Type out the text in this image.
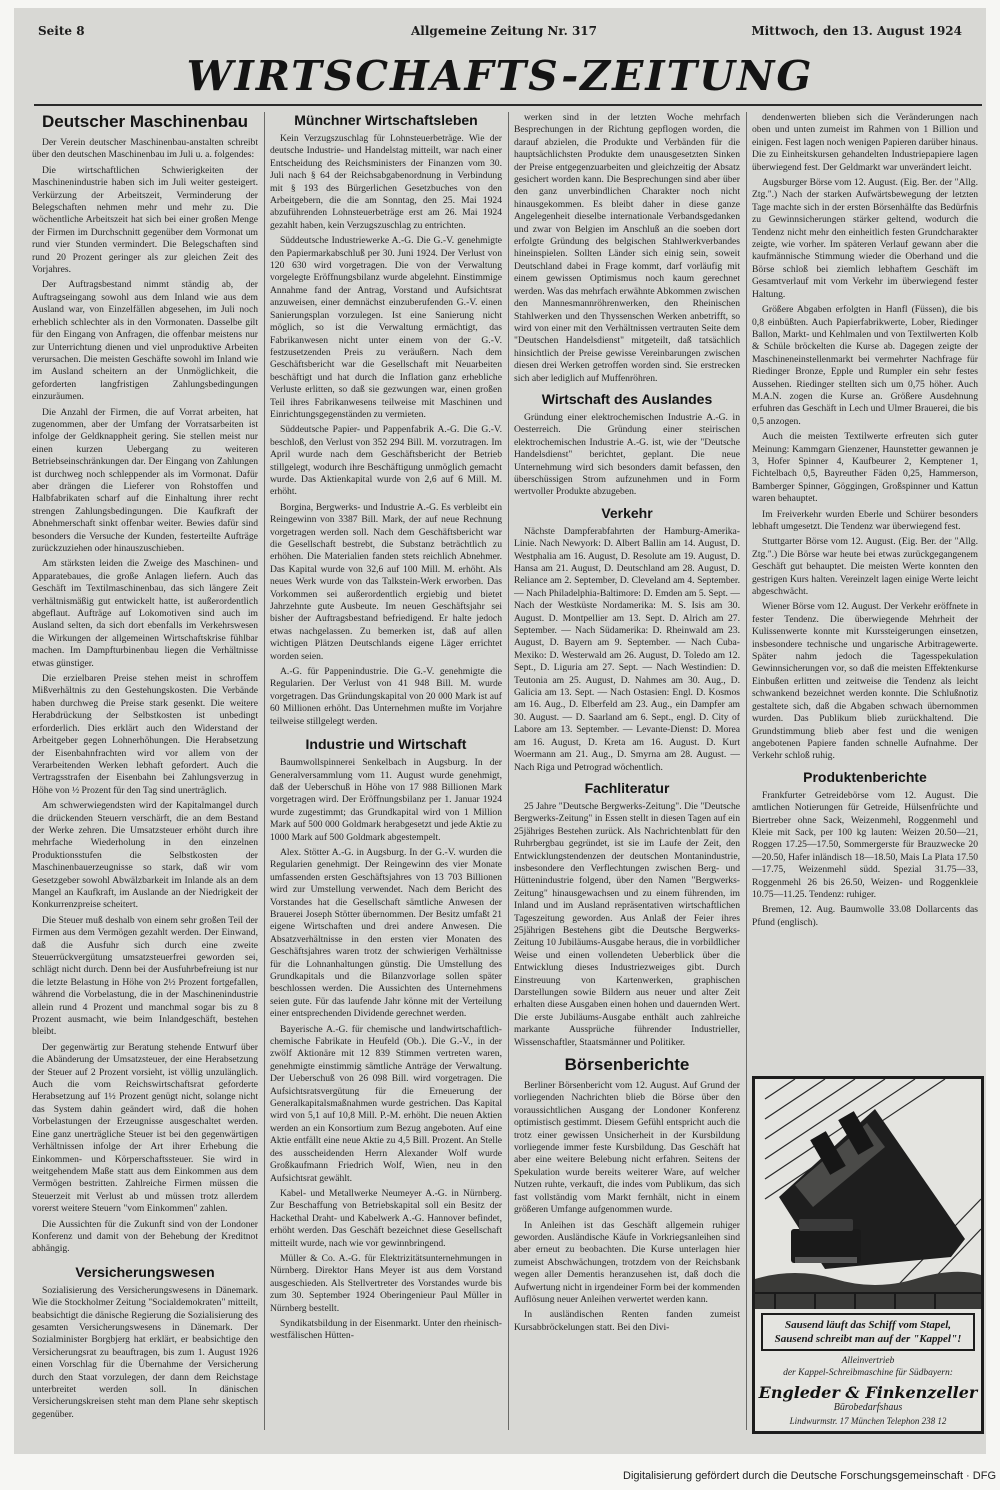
Seite 8	Allgemeine Zeitung Nr. 317	Mittwoch, den 13. August 1924
WIRTSCHAFTS-ZEITUNG
Deutscher Maschinenbau

Der Verein deutscher Maschinenbau-anstalten schreibt über den deutschen Maschinenbau im Juli u. a. folgendes:

Die wirtschaftlichen Schwierigkeiten der Maschinenindustrie haben sich im Juli weiter gesteigert. Verkürzung der Arbeitszeit, Verminderung der Belegschaften nehmen mehr und mehr zu. Die wöchentliche Arbeitszeit hat sich bei einer großen Menge der Firmen im Durchschnitt gegenüber dem Vormonat um rund vier Stunden vermindert. Die Belegschaften sind rund 20 Prozent geringer als zur gleichen Zeit des Vorjahres.

Der Auftragsbestand nimmt ständig ab, der Auftragseingang sowohl aus dem Inland wie aus dem Ausland war, von Einzelfällen abgesehen, im Juli noch erheblich schlechter als in den Vormonaten. Dasselbe gilt für den Eingang von Anfragen, die offenbar meistens nur zur Unterrichtung dienen und viel unproduktive Arbeiten verursachen. Die meisten Geschäfte sowohl im Inland wie im Ausland scheitern an der Unmöglichkeit, die geforderten langfristigen Zahlungsbedingungen einzuräumen.

Die Anzahl der Firmen, die auf Vorrat arbeiten, hat zugenommen, aber der Umfang der Vorratsarbeiten ist infolge der Geldknappheit gering. Sie stellen meist nur einen kurzen Uebergang zu weiteren Betriebseinschränkungen dar. Der Eingang von Zahlungen ist durchweg noch schleppender als im Vormonat. Dafür aber drängen die Lieferer von Rohstoffen und Halbfabrikaten scharf auf die Einhaltung ihrer recht strengen Zahlungsbedingungen. Die Kaufkraft der Abnehmerschaft sinkt offenbar weiter. Bewies dafür sind besonders die Versuche der Kunden, festerteilte Aufträge zurückzuziehen oder hinauszuschieben.

Am stärksten leiden die Zweige des Maschinen- und Apparatebaues, die große Anlagen liefern. Auch das Geschäft im Textilmaschinenbau, das sich längere Zeit verhältnismäßig gut entwickelt hatte, ist außerordentlich abgeflaut. Aufträge auf Lokomotiven sind auch im Ausland selten, da sich dort ebenfalls im Verkehrswesen die Wirkungen der allgemeinen Wirtschaftskrise fühlbar machen. Im Dampfturbinenbau liegen die Verhältnisse etwas günstiger.

Die erzielbaren Preise stehen meist in schroffem Mißverhältnis zu den Gestehungskosten. Die Verbände haben durchweg die Preise stark gesenkt. Die weitere Herabdrückung der Selbstkosten ist unbedingt erforderlich. Dies erklärt auch den Widerstand der Arbeitgeber gegen Lohnerhöhungen. Die Herabsetzung der Eisenbahnfrachten wird vor allem von der Verarbeitenden Werken lebhaft gefordert. Auch die Vertragsstrafen der Eisenbahn bei Zahlungsverzug in Höhe von ½ Prozent für den Tag sind unerträglich.

Am schwerwiegendsten wird der Kapitalmangel durch die drückenden Steuern verschärft, die an dem Bestand der Werke zehren. Die Umsatzsteuer erhöht durch ihre mehrfache Wiederholung in den einzelnen Produktionsstufen die Selbstkosten der Maschinenbauerzeugnisse so stark, daß wir vom Gesetzgeber sowohl Abwälzbarkeit im Inlande als an dem Mangel an Kaufkraft, im Auslande an der Niedrigkeit der Konkurrenzpreise scheitert.

Die Steuer muß deshalb von einem sehr großen Teil der Firmen aus dem Vermögen gezahlt werden. Der Einwand, daß die Ausfuhr sich durch eine zweite Steuerrückvergütung umsatzsteuerfrei geworden sei, schlägt nicht durch. Denn bei der Ausfuhrbefreiung ist nur die letzte Belastung in Höhe von 2½ Prozent fortgefallen, während die Vorbelastung, die in der Maschinenindustrie allein rund 4 Prozent und manchmal sogar bis zu 8 Prozent ausmacht, wie beim Inlandgeschäft, bestehen bleibt.

Der gegenwärtig zur Beratung stehende Entwurf über die Abänderung der Umsatzsteuer, der eine Herabsetzung der Steuer auf 2 Prozent vorsieht, ist völlig unzulänglich. Auch die vom Reichswirtschaftsrat geforderte Herabsetzung auf 1½ Prozent genügt nicht, solange nicht das System dahin geändert wird, daß die hohen Vorbelastungen der Erzeugnisse ausgeschaltet werden. Eine ganz unerträgliche Steuer ist bei den gegenwärtigen Verhältnissen infolge der Art ihrer Erhebung die Einkommen- und Körperschaftssteuer. Sie wird in weitgehendem Maße statt aus dem Einkommen aus dem Vermögen bestritten. Zahlreiche Firmen müssen die Steuerzeit mit Verlust ab und müssen trotz allerdem vorerst weitere Steuern "vom Einkommen" zahlen.

Die Aussichten für die Zukunft sind von der Londoner Konferenz und damit von der Behebung der Kreditnot abhängig.

Versicherungswesen

Sozialisierung des Versicherungswesens in Dänemark. Wie die Stockholmer Zeitung "Socialdemokraten" mitteilt, beabsichtigt die dänische Regierung die Sozialisierung des gesamten Versicherungswesens in Dänemark. Der Sozialminister Borgbjerg hat erklärt, er beabsichtige den Versicherungsrat zu beauftragen, bis zum 1. August 1926 einen Vorschlag für die Übernahme der Versicherung durch den Staat vorzulegen, der dann dem Reichstage unterbreitet werden soll. In dänischen Versicherungskreisen steht man dem Plane sehr skeptisch gegenüber.

Münchner Wirtschaftsleben

Kein Verzugszuschlag für Lohnsteuerbeträge. Wie der deutsche Industrie- und Handelstag mitteilt, war nach einer Entscheidung des Reichsministers der Finanzen vom 30. Juli nach § 64 der Reichsabgabenordnung in Verbindung mit § 193 des Bürgerlichen Gesetzbuches von den Arbeitgebern, die die am Sonntag, den 25. Mai 1924 abzuführenden Lohnsteuerbeträge erst am 26. Mai 1924 gezahlt haben, kein Verzugszuschlag zu entrichten.

Süddeutsche Industriewerke A.-G. Die G.-V. genehmigte den Papiermarkabschluß per 30. Juni 1924. Der Verlust von 120 630 wird vorgetragen. Die von der Verwaltung vorgelegte Eröffnungsbilanz wurde abgelehnt. Einstimmige Annahme fand der Antrag, Vorstand und Aufsichtsrat anzuweisen, einer demnächst einzuberufenden G.-V. einen Sanierungsplan vorzulegen. Ist eine Sanierung nicht möglich, so ist die Verwaltung ermächtigt, das Fabrikanwesen nicht unter einem von der G.-V. festzusetzenden Preis zu veräußern. Nach dem Geschäftsbericht war die Gesellschaft mit Neuarbeiten beschäftigt und hat durch die Inflation ganz erhebliche Verluste erlitten, so daß sie gezwungen war, einen großen Teil ihres Fabrikanwesens teilweise mit Maschinen und Einrichtungsgegenständen zu vermieten.

Süddeutsche Papier- und Pappenfabrik A.-G. Die G.-V. beschloß, den Verlust von 352 294 Bill. M. vorzutragen. Im April wurde nach dem Geschäftsbericht der Betrieb stillgelegt, wodurch ihre Beschäftigung unmöglich gemacht wurde. Das Aktienkapital wurde von 2,6 auf 6 Mill. M. erhöht.

Borgina, Bergwerks- und Industrie A.-G. Es verbleibt ein Reingewinn von 3387 Bill. Mark, der auf neue Rechnung vorgetragen werden soll. Nach dem Geschäftsbericht war die Gesellschaft bestrebt, die Substanz beträchtlich zu erhöhen. Die Materialien fanden stets reichlich Abnehmer. Das Kapital wurde von 32,6 auf 100 Mill. M. erhöht. Als neues Werk wurde von das Talkstein-Werk erworben. Das Vorkommen sei außerordentlich ergiebig und bietet Jahrzehnte gute Ausbeute. Im neuen Geschäftsjahr sei bisher der Auftragsbestand befriedigend. Er halte jedoch etwas nachgelassen. Zu bemerken ist, daß auf allen wichtigen Plätzen Deutschlands eigene Läger errichtet worden seien.

A.-G. für Pappenindustrie. Die G.-V. genehmigte die Regularien. Der Verlust von 41 948 Bill. M. wurde vorgetragen. Das Gründungskapital von 20 000 Mark ist auf 60 Millionen erhöht. Das Unternehmen mußte im Vorjahre teilweise stillgelegt werden.

Industrie und Wirtschaft

Baumwollspinnerei Senkelbach in Augsburg. In der Generalversammlung vom 11. August wurde genehmigt, daß der Ueberschuß in Höhe von 17 988 Billionen Mark vorgetragen wird. Der Eröffnungsbilanz per 1. Januar 1924 wurde zugestimmt; das Grundkapital wird von 1 Million Mark auf 500 000 Goldmark herabgesetzt und jede Aktie zu 1000 Mark auf 500 Goldmark abgestempelt.

Alex. Stötter A.-G. in Augsburg. In der G.-V. wurden die Regularien genehmigt. Der Reingewinn des vier Monate umfassenden ersten Geschäftsjahres von 13 703 Billionen wird zur Umstellung verwendet. Nach dem Bericht des Vorstandes hat die Gesellschaft sämtliche Anwesen der Brauerei Joseph Stötter übernommen. Der Besitz umfaßt 21 eigene Wirtschaften und drei andere Anwesen. Die Absatzverhältnisse in den ersten vier Monaten des Geschäftsjahres waren trotz der schwierigen Verhältnisse für die Lohnanhaltungen günstig. Die Umstellung des Grundkapitals und die Bilanzvorlage sollen später beschlossen werden. Die Aussichten des Unternehmens seien gute. Für das laufende Jahr könne mit der Verteilung einer entsprechenden Dividende gerechnet werden.

Bayerische A.-G. für chemische und landwirtschaftlich-chemische Fabrikate in Heufeld (Ob.). Die G.-V., in der zwölf Aktionäre mit 12 839 Stimmen vertreten waren, genehmigte einstimmig sämtliche Anträge der Verwaltung. Der Ueberschuß von 26 098 Bill. wird vorgetragen. Die Aufsichtsratsvergütung für die Erneuerung der Generalkapitalsmaßnahmen wurde gestrichen. Das Kapital wird von 5,1 auf 10,8 Mill. P.-M. erhöht. Die neuen Aktien werden an ein Konsortium zum Bezug angeboten. Auf eine Aktie entfällt eine neue Aktie zu 4,5 Bill. Prozent. An Stelle des ausscheidenden Herrn Alexander Wolf wurde Großkaufmann Friedrich Wolf, Wien, neu in den Aufsichtsrat gewählt.

Kabel- und Metallwerke Neumeyer A.-G. in Nürnberg. Zur Beschaffung von Betriebskapital soll ein Besitz der Hackethal Draht- und Kabelwerk A.-G. Hannover befindet, erhöht werden. Das Geschäft bezeichnet diese Gesellschaft mitteilt wurde, nach wie vor gewinnbringend.

Müller & Co. A.-G. für Elektrizitätsunternehmungen in Nürnberg. Direktor Hans Meyer ist aus dem Vorstand ausgeschieden. Als Stellvertreter des Vorstandes wurde bis zum 30. September 1924 Oberingenieur Paul Müller in Nürnberg bestellt.

Syndikatsbildung in der Eisenmarkt. Unter den rheinisch-westfälischen Hütten-

werken sind in der letzten Woche mehrfach Besprechungen in der Richtung gepflogen worden, die darauf abzielen, die Produkte und Verbänden für die hauptsächlichsten Produkte dem unausgesetzten Sinken der Preise entgegenzuarbeiten und gleichzeitig der Absatz gesichert worden kann. Die Besprechungen sind aber über den ganz unverbindlichen Charakter noch nicht hinausgekommen. Es bleibt daher in diese ganze Angelegenheit dieselbe internationale Verbandsgedanken und zwar von Belgien im Anschluß an die soeben dort erfolgte Gründung des belgischen Stahlwerkverbandes hineinspielen. Sollten Länder sich einig sein, soweit Deutschland dabei in Frage kommt, darf vorläufig mit einem gewissen Optimismus noch kaum gerechnet werden. Was das mehrfach erwähnte Abkommen zwischen den Mannesmannröhrenwerken, den Rheinischen Stahlwerken und den Thyssenschen Werken anbetrifft, so wird von einer mit den Verhältnissen vertrauten Seite dem "Deutschen Handelsdienst" mitgeteilt, daß tatsächlich hinsichtlich der Preise gewisse Vereinbarungen zwischen diesen drei Werken getroffen worden sind. Sie erstrecken sich aber lediglich auf Muffenröhren.

Wirtschaft des Auslandes

Gründung einer elektrochemischen Industrie A.-G. in Oesterreich. Die Gründung einer steirischen elektrochemischen Industrie A.-G. ist, wie der "Deutsche Handelsdienst" berichtet, geplant. Die neue Unternehmung wird sich besonders damit befassen, den überschüssigen Strom aufzunehmen und in Form wertvoller Produkte abzugeben.

Verkehr

Nächste Dampferabfahrten der Hamburg-Amerika-Linie. Nach Newyork: D. Albert Ballin am 14. August, D. Westphalia am 16. August, D. Resolute am 19. August, D. Hansa am 21. August, D. Deutschland am 28. August, D. Reliance am 2. September, D. Cleveland am 4. September. — Nach Philadelphia-Baltimore: D. Emden am 5. Sept. — Nach der Westküste Nordamerika: M. S. Isis am 30. August. D. Montpellier am 13. Sept. D. Alrich am 27. September. — Nach Südamerika: D. Rheinwald am 23. August, D. Bayern am 9. September. — Nach Cuba-Mexiko: D. Westerwald am 26. August, D. Toledo am 12. Sept., D. Liguria am 27. Sept. — Nach Westindien: D. Teutonia am 25. August, D. Nahmes am 30. Aug., D. Galicia am 13. Sept. — Nach Ostasien: Engl. D. Kosmos am 16. Aug., D. Elberfeld am 23. Aug., ein Dampfer am 30. August. — D. Saarland am 6. Sept., engl. D. City of Labore am 13. September. — Levante-Dienst: D. Morea am 16. August, D. Kreta am 16. August. D. Kurt Woermann am 21. Aug., D. Smyrna am 28. August. — Nach Riga und Petrograd wöchentlich.

Fachliteratur

25 Jahre "Deutsche Bergwerks-Zeitung". Die "Deutsche Bergwerks-Zeitung" in Essen stellt in diesen Tagen auf ein 25jähriges Bestehen zurück. Als Nachrichtenblatt für den Ruhrbergbau gegründet, ist sie im Laufe der Zeit, den Entwicklungstendenzen der deutschen Montanindustrie, insbesondere den Verflechtungen zwischen Berg- und Hüttenindustrie folgend, über den Namen "Bergwerks-Zeitung" hinausgewachsen und zu einem führenden, im Inland und im Ausland repräsentativen wirtschaftlichen Tageszeitung geworden. Aus Anlaß der Feier ihres 25jährigen Bestehens gibt die Deutsche Bergwerks-Zeitung 10 Jubiläums-Ausgabe heraus, die in vorbildlicher Weise und einen vollendeten Ueberblick über die Entwicklung dieses Industriezweiges gibt. Durch Einstreuung von Kartenwerken, graphischen Darstellungen sowie Bildern aus neuer und alter Zeit erhalten diese Ausgaben einen hohen und dauernden Wert. Die erste Jubiläums-Ausgabe enthält auch zahlreiche markante Aussprüche führender Industrieller, Wissenschaftler, Staatsmänner und Politiker.

Börsenberichte

Berliner Börsenbericht vom 12. August. Auf Grund der vorliegenden Nachrichten blieb die Börse über den voraussichtlichen Ausgang der Londoner Konferenz optimistisch gestimmt. Diesem Gefühl entspricht auch die trotz einer gewissen Unsicherheit in der Kursbildung vorliegende immer feste Kursbildung. Das Geschäft hat aber eine weitere Belebung nicht erfahren. Seitens der Spekulation wurde bereits weiterer Ware, auf welcher Nutzen ruhte, verkauft, die indes vom Publikum, das sich fast vollständig vom Markt fernhält, nicht in einem größeren Umfange aufgenommen wurde.

In Anleihen ist das Geschäft allgemein ruhiger geworden. Ausländische Käufe in Vorkriegsanleihen sind aber erneut zu beobachten. Die Kurse unterlagen hier zumeist Abschwächungen, trotzdem von der Reichsbank wegen aller Dementis heranzusehen ist, daß doch die Aufwertung nicht in irgendeiner Form bei der kommenden Auflösung neuer Anleihen verwertet werden kann.

In ausländischen Renten fanden zumeist Kursabbröckelungen statt. Bei den Divi-

dendenwerten blieben sich die Veränderungen nach oben und unten zumeist im Rahmen von 1 Billion und einigen. Fest lagen noch wenigen Papieren darüber hinaus. Die zu Einheitskursen gehandelten Industriepapiere lagen überwiegend fest. Der Geldmarkt war unverändert leicht.

Augsburger Börse vom 12. August. (Eig. Ber. der "Allg. Ztg.".) Nach der starken Aufwärtsbewegung der letzten Tage machte sich in der ersten Börsenhälfte das Bedürfnis zu Gewinnsicherungen stärker geltend, wodurch die Tendenz nicht mehr den einheitlich festen Grundcharakter zeigte, wie vorher. Im späteren Verlauf gewann aber die kaufmännische Stimmung wieder die Oberhand und die Börse schloß bei ziemlich lebhaftem Geschäft im Gesamtverlauf mit vom Verkehr im überwiegend fester Haltung.

Größere Abgaben erfolgten in Hanfl (Füssen), die bis 0,8 einbüßten. Auch Papierfabrikwerte, Lober, Riedinger Ballon, Markt- und Kehlmalen und von Textilwerten Kolb & Schüle bröckelten die Kurse ab. Dagegen zeigte der Maschineneinstellenmarkt bei vermehrter Nachfrage für Riedinger Bronze, Epple und Rumpler ein sehr festes Aussehen. Riedinger stellten sich um 0,75 höher. Auch M.A.N. zogen die Kurse an. Größere Ausdehnung erfuhren das Geschäft in Lech und Ulmer Brauerei, die bis 0,5 anzogen.

Auch die meisten Textilwerte erfreuten sich guter Meinung: Kammgarn Gienzener, Haunstetter gewannen je 3, Hofer Spinner 4, Kaufbeurer 2, Kemptener 1, Fichtelbach 0,5, Bayreuther Fäden 0,25, Hammerson, Bamberger Spinner, Göggingen, Großspinner und Kattun waren behauptet.

Im Freiverkehr wurden Eberle und Schürer besonders lebhaft umgesetzt. Die Tendenz war überwiegend fest.

Stuttgarter Börse vom 12. August. (Eig. Ber. der "Allg. Ztg.".) Die Börse war heute bei etwas zurückgegangenem Geschäft gut behauptet. Die meisten Werte konnten den gestrigen Kurs halten. Vereinzelt lagen einige Werte leicht abgeschwächt.

Wiener Börse vom 12. August. Der Verkehr eröffnete in fester Tendenz. Die überwiegende Mehrheit der Kulissenwerte konnte mit Kurssteigerungen einsetzen, insbesondere technische und ungarische Arbitragewerte. Später nahm jedoch die Tagesspekulation Gewinnsicherungen vor, so daß die meisten Effektenkurse Einbußen erlitten und zeitweise die Tendenz als leicht schwankend bezeichnet werden konnte. Die Schlußnotiz gestaltete sich, daß die Abgaben schwach übernommen wurden. Das Publikum blieb zurückhaltend. Die Grundstimmung blieb aber fest und die wenigen angebotenen Papiere fanden schnelle Aufnahme. Der Verkehr schloß ruhig.

Produktenberichte

Frankfurter Getreidebörse vom 12. August. Die amtlichen Notierungen für Getreide, Hülsenfrüchte und Biertreber ohne Sack, Weizenmehl, Roggenmehl und Kleie mit Sack, per 100 kg lauten: Weizen 20.50—21, Roggen 17.25—17.50, Sommergerste für Brauzwecke 20—20.50, Hafer inländisch 18—18.50, Mais La Plata 17.50—17.75, Weizenmehl südd. Spezial 31.75—33, Roggenmehl 26 bis 26.50, Weizen- und Roggenkleie 10.75—11.25. Tendenz: ruhiger.

Bremen, 12. Aug. Baumwolle 33.08 Dollarcents das Pfund (englisch).

Sausend läuft das Schiff vom Stapel,
Sausend schreibt man auf der "Kappel"!
Alleinvertrieb
der Kappel-Schreibmaschine für Südbayern:
Engleder & Finkenzeller
Bürobedarfshaus
Lindwurmstr. 17 München Telephon 238 12
Digitalisierung gefördert durch die Deutsche Forschungsgemeinschaft · DFG
